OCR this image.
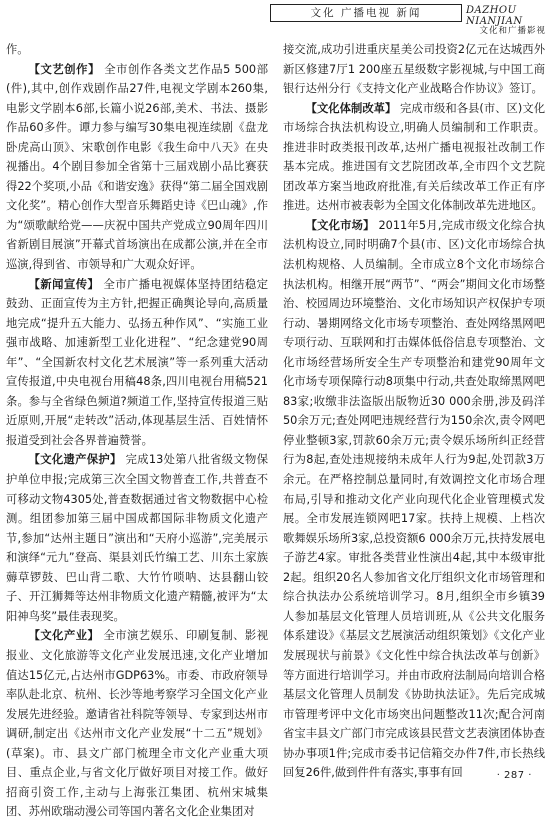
文化 广播电视 新闻	DAZHOU NIANJIAN
文化和广播影视

作。

【文艺创作】 全市创作各类文艺作品5 500部(件),其中,创作戏剧作品27件,电视文学剧本260集,电影文学剧本6部,长篇小说26部,美术、书法、摄影作品60多件。谭力参与编写30集电视连续剧《盘龙卧虎高山顶》、宋歌创作电影《我生命中八天》在央视播出。4个剧目参加全省第十三届戏剧小品比赛获得22个奖项,小品《和谐安逸》获得“第二届全国戏剧文化奖”。精心创作大型音乐舞蹈史诗《巴山魂》,作为“颂歌献给党——庆祝中国共产党成立90周年四川省新剧目展演”开幕式首场演出在成都公演,并在全市巡演,得到省、市领导和广大观众好评。

【新闻宣传】 全市广播电视媒体坚持团结稳定鼓劲、正面宣传为主方针,把握正确舆论导向,高质量地完成“提升五大能力、弘扬五种作风”、“实施工业强市战略、加速新型工业化进程”、“纪念建党90周年”、“全国新农村文化艺术展演”等一系列重大活动宣传报道,中央电视台用稿48条,四川电视台用稿521条。参与全省绿色频道?频道工作,坚持宣传报道三贴近原则,开展“走转改”活动,体现基层生活、百姓情怀报道受到社会各界普遍赞誉。

【文化遗产保护】 完成13处第八批省级文物保护单位申报;完成第三次全国文物普查工作,共普查不可移动文物4305处,普查数据通过省文物数据中心检测。组团参加第三届中国成都国际非物质文化遗产节,参加“达州主题日”演出和“天府小巡游”,完美展示和演绎“元九”登高、渠县刘氏竹编工艺、川东土家族薅草锣鼓、巴山背二歌、大竹竹唢呐、达县翻山铰子、开江狮舞等达州非物质文化遗产精髓,被评为“太阳神鸟奖”最佳表现奖。

【文化产业】 全市演艺娱乐、印刷复制、影视报业、文化旅游等文化产业发展迅速,文化产业增加值达15亿元,占达州市GDP63%。市委、市政府领导率队赴北京、杭州、长沙等地考察学习全国文化产业发展先进经验。邀请省社科院等领导、专家到达州市调研,制定出《达州市文化产业发展“十二五”规划》(草案)。市、县文广部门梳理全市文化产业重大项目、重点企业,与省文化厅做好项目对接工作。做好招商引资工作,主动与上海张江集团、杭州宋城集团、苏州欧瑞动漫公司等国内著名文化企业集团对

接交流,成功引进重庆星美公司投资2亿元在达城西外新区修建7厅1 200座五星级数字影视城,与中国工商银行达州分行《支持文化产业战略合作协议》签订。

【文化体制改革】 完成市级和各县(市、区)文化市场综合执法机构设立,明确人员编制和工作职责。推进非时政类报刊改革,达州广播电视报社改制工作基本完成。推进国有文艺院团改革,全市四个文艺院团改革方案当地政府批准,有关后续改革工作正有序推进。达州市被表彰为全国文化体制改革先进地区。

【文化市场】 2011年5月,完成市级文化综合执法机构设立,同时明确7个县(市、区)文化市场综合执法机构规格、人员编制。全市成立8个文化市场综合执法机构。相继开展“两节”、“两会”期间文化市场整治、校园周边环境整治、文化市场知识产权保护专项行动、暑期网络文化市场专项整治、查处网络黑网吧专项行动、互联网和打击媒体低俗信息专项整治、文化市场经营场所安全生产专项整治和建党90周年文化市场专项保障行动8项集中行动,共查处取缔黑网吧83家;收缴非法盗版出版物近30 000余册,涉及码洋50余万元;查处网吧违规经营行为150余次,责令网吧停业整顿3家,罚款60余万元;责令娱乐场所纠正经营行为8起,查处违规接纳未成年人行为9起,处罚款3万余元。在严格控制总量同时,有效调控文化市场合理布局,引导和推动文化产业向现代化企业管理模式发展。全市发展连锁网吧17家。扶持上规模、上档次歌舞娱乐场所3家,总投资额6 000余万元,扶持发展电子游艺4家。审批各类营业性演出4起,其中本级审批2起。组织20名人参加省文化厅组织文化市场管理和综合执法办公系统培训学习。8月,组织全市乡镇39人参加基层文化管理人员培训班,从《公共文化服务体系建设》《基层文艺展演活动组织策划》《文化产业发展现状与前景》《文化性中综合执法改革与创新》等方面进行培训学习。并由市政府法制局向培训合格基层文化管理人员制发《协助执法证》。先后完成城市管理考评中文化市场突出问题整改11次;配合河南省宝丰县文广部门市完成该县民营文艺表演团体协查协办事项1件;完成市委书记信箱交办件7件,市长热线回复26件,做到件件有落实,事事有回	· 287 ·
